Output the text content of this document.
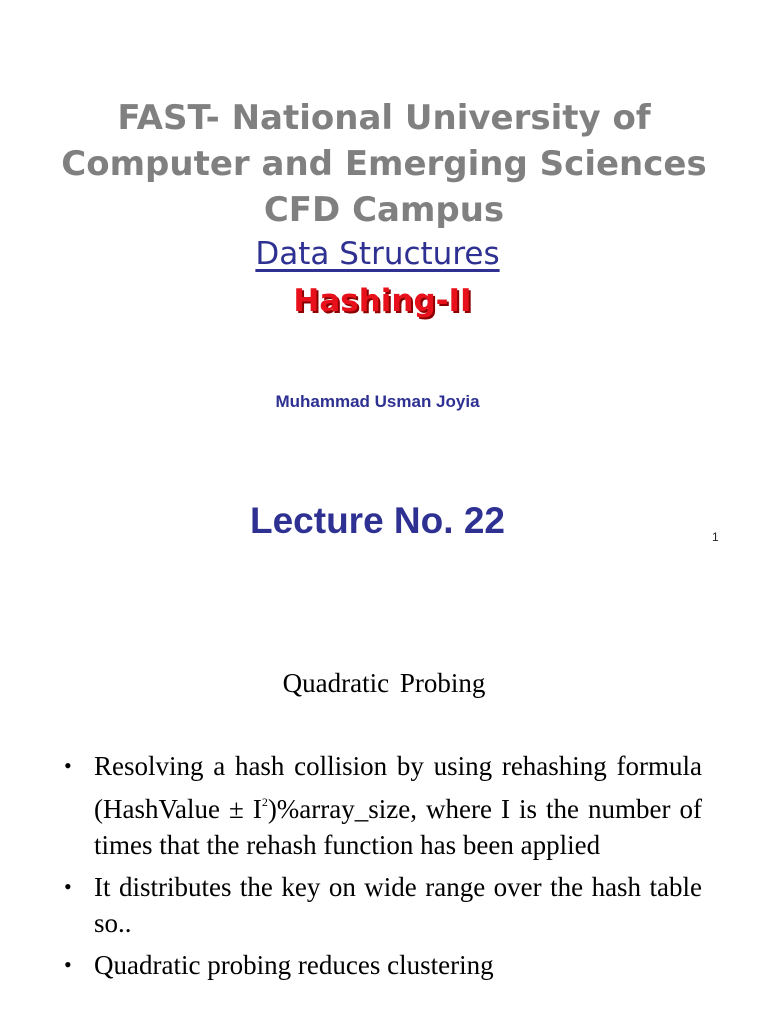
FAST- National University of
Computer and Emerging Sciences
CFD Campus
Data Structures
Hashing-II
Muhammad Usman Joyia
Lecture No. 22	1
Quadratic Probing
• Resolving a hash collision by using rehashing formula (HashValue ± $I^2)\%array\_size$, where I is the number of times that the rehash function has been applied
• It distributes the key on wide range over the hash table so..
• Quadratic probing reduces clustering
